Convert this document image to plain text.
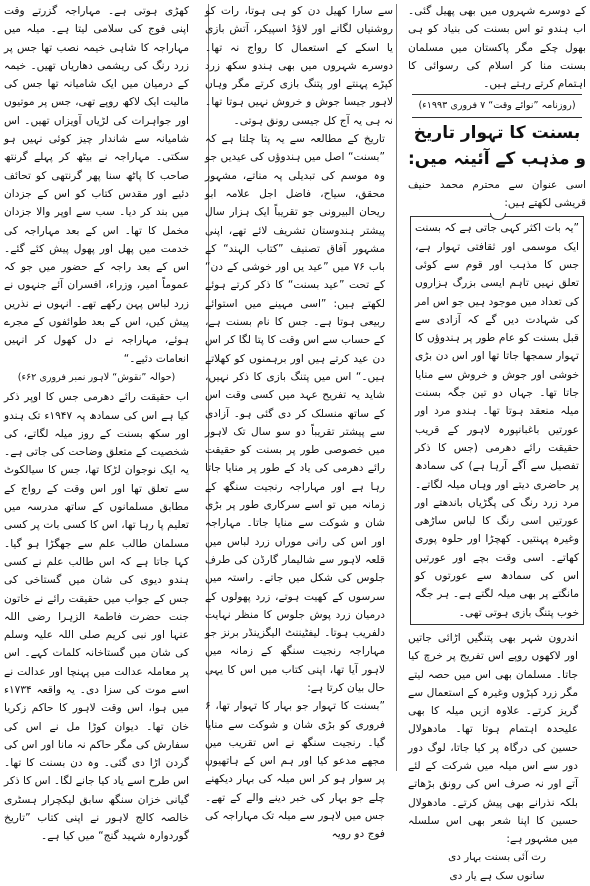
کے دوسرے شہروں میں بھی پھیل گئی۔ اب ہندو تو اس بسنت کی بنیاد کو ہی بھول چکے مگر پاکستان میں مسلمان بسنت منا کر اسلام کی رسوائی کا اہتمام کرتے رہتے ہیں۔

(روزنامہ ”نوائے وقت“ ۷ فروری ۱۹۹۳ء)
بسنت کا تہوار تاریخ و مذہب کے آئینہ میں:

اسی عنوان سے محترم محمد حنیف قریشی لکھتے ہیں:

”یہ بات اکثر کہی جاتی ہے کہ بسنت ایک موسمی اور ثقافتی تہوار ہے، جس کا مذہب اور قوم سے کوئی تعلق نہیں تاہم ایسی بزرگ ہزاروں کی تعداد میں موجود ہیں جو اس امر کی شہادت دیں گے کہ آزادی سے قبل بسنت کو عام طور پر ہندوؤں کا تہوار سمجھا جاتا تھا اور اس دن بڑی خوشی اور جوش و خروش سے منایا جاتا تھا۔ جہاں دو تین جگہ بسنت میلہ منعقد ہوتا تھا۔ ہندو مرد اور عورتیں باغبانپورہ لاہور کے قریب حقیقت رائے دھرمی (جس کا ذکر تفصیل سے آگے آرہا ہے) کی سمادھ پر حاضری دیتے اور وہاں میلہ لگاتے۔ مرد زرد رنگ کی پگڑیاں باندھتے اور عورتیں اسی رنگ کا لباس ساڑھی وغیرہ پہنتیں۔ کھچڑا اور حلوہ پوری کھاتے۔ اسی وقت بچے اور عورتیں اس کی سمادھ سے عورتوں کو مانگتے پر بھی میلہ لگتے ہے۔ ہر جگہ خوب پتنگ بازی ہوتی تھی۔

اندرون شہر بھی پتنگیں اڑائی جاتیں اور لاکھوں روپے اس تفریح پر خرچ کیا جاتا۔ مسلمان بھی اس میں حصہ لیتے مگر زرد کپڑوں وغیرہ کے استعمال سے گریز کرتے۔ علاوہ ازیں میلہ کا بھی علیحدہ اہتمام ہوتا تھا۔ مادھولال حسین کی درگاہ پر کیا جاتا، لوگ دور دور سے اس میلہ میں شرکت کے لئے آتے اور نہ صرف اس کی رونق بڑھاتے بلکہ نذرانے بھی پیش کرتے۔ مادھولال حسین کا اپنا شعر بھی اس سلسلہ میں مشہور ہے:

رت آئی بسنت بہار دی
سانوں سک ہے یار دی

سے سارا کھیل دن کو ہی ہوتا، رات کو روشنیاں لگانے اور لاؤڈ اسپیکر، آتش بازی یا اسکے کے استعمال کا رواج نہ تھا۔ دوسرے شہروں میں بھی ہندو سکھ زرد کپڑے پہنتے اور پتنگ بازی کرتے مگر وہاں لاہور جیسا جوش و خروش نہیں ہوتا تھا۔ نہ ہی یہ آج کل جیسی رونق ہوتی۔

تاریخ کے مطالعہ سے یہ پتا چلتا ہے کہ ”بسنت“ اصل میں ہندوؤں کی عیدیں جو وہ موسم کی تبدیلی پہ مناتے، مشہور محقق، سیاح، فاضل اجل علامہ ابو ریحان البیرونی جو تقریباً ایک ہزار سال پیشتر ہندوستان تشریف لائے تھے، اپنی مشہور آفاق تصنیف ”کتاب الہند“ کے باب ۷۶ میں ”عید یں اور خوشی کے دن“ کے تحت ”عید بسنت“ کا ذکر کرتے ہوئے لکھتے ہیں: ”اسی مہینے میں استوائے ربیعی ہوتا ہے۔ جس کا نام بسنت ہے، کے حساب سے اس وقت کا پتا لگا کر اس دن عید کرتے ہیں اور برہمنوں کو کھلاتے ہیں۔“ اس میں پتنگ بازی کا ذکر نہیں، شاید یہ تفریح عہد میں کسی وقت اس کے ساتھ منسلک کر دی گئی ہو۔ آزادی سے پیشتر تقریباً دو سو سال تک لاہور میں خصوصی طور پر بسنت کو حقیقت رائے دھرمی کی یاد کے طور پر منایا جاتا رہا ہے اور مہاراجہ رنجیت سنگھ کے زمانہ میں تو اسے سرکاری طور پر بڑی شان و شوکت سے منایا جاتا۔ مہاراجہ اور اس کی رانی موراں زرد لباس میں قلعہ لاہور سے شالیمار گارڈن کی طرف جلوس کی شکل میں جاتے۔ راستہ میں سرسوں کے کھیت ہوتے، زرد پھولوں کے درمیان زرد پوش جلوس کا منظر نہایت دلفریب ہوتا۔ لیفٹیننٹ الیگزینڈر برنز جو مہاراجہ رنجیت سنگھ کے زمانہ میں لاہور آیا تھا، اپنی کتاب میں اس کا یہی حال بیان کرتا ہے:

”بسنت کا تہوار جو بہار کا تہوار تھا، ۶ فروری کو بڑی شان و شوکت سے منایا گیا۔ رنجیت سنگھ نے اس تقریب میں مجھے مدعو کیا اور ہم اس کے ہاتھیوں پر سوار ہو کر اس میلہ کی بہار دیکھنے چلے جو بہار کی خبر دینے والے کے تھے۔ جس میں لاہور سے میلہ تک مہاراجہ کی فوج دو رویہ

کھڑی ہوتی ہے۔ مہاراجہ گزرتے وقت اپنی فوج کی سلامی لیتا ہے۔ میلہ میں مہاراجہ کا شاہی خیمہ نصب تھا جس پر زرد رنگ کی ریشمی دھاریاں تھیں۔ خیمہ کے درمیان میں ایک شامیانہ تھا جس کی مالیت ایک لاکھ روپے تھی، جس پر موتیوں اور جواہرات کی لڑیاں آویزاں تھیں۔ اس شامیانہ سے شاندار چیز کوئی نہیں ہو سکتی۔ مہاراجہ نے بیٹھ کر پہلے گرنتھ صاحب کا پاٹھ سنا پھر گرنتھی کو تحائف دئیے اور مقدس کتاب کو اس کے جزدان میں بند کر دیا۔ سب سے اوپر والا جزدان مخمل کا تھا۔ اس کے بعد مہاراجہ کی خدمت میں پھل اور پھول پیش کئے گئے۔ اس کے بعد راجہ کے حضور میں جو کہ عموماً امیر، وزراء، افسران آئے جنہوں نے زرد لباس پہن رکھے تھے۔ انہوں نے نذریں پیش کیں، اس کے بعد طوائفوں کے مجرے ہوئے، مہاراجہ نے دل کھول کر انہیں انعامات دئیے۔“

(حوالہ ”نقوش“ لاہور نمبر فروری ۶۲ء)

اب حقیقت رائے دھرمی جس کا اوپر ذکر کیا ہے اس کی سمادھ پہ ۱۹۴۷ء تک ہندو اور سکھ بسنت کے روز میلہ لگاتے، کی شخصیت کے متعلق وضاحت کی جاتی ہے۔ یہ ایک نوجوان لڑکا تھا، جس کا سیالکوٹ سے تعلق تھا اور اس وقت کے رواج کے مطابق مسلمانوں کے ساتھ مدرسہ میں تعلیم پا رہا تھا، اس کا کسی بات پر کسی مسلمان طالب علم سے جھگڑا ہو گیا۔ کہا جاتا ہے کہ اس طالب علم نے کسی ہندو دیوی کی شان میں گستاخی کی جس کے جواب میں حقیقت رائے نے خاتون جنت حضرت فاطمۃ الزہرا رضی اللہ عنہا اور نبی کریم صلی اللہ علیہ وسلم کی شان میں گستاخانہ کلمات کہے۔ اس پر معاملہ عدالت میں پہنچا اور عدالت نے اسے موت کی سزا دی۔ یہ واقعہ ۱۷۳۴ء میں ہوا، اس وقت لاہور کا حاکم زکریا خان تھا۔ دیوان کوڑا مل نے اس کی سفارش کی مگر حاکم نہ مانا اور اس کی گردن اڑا دی گئی۔ وہ دن بسنت کا تھا۔ اس طرح اسے یاد کیا جانے لگا۔ اس کا ذکر گیانی خزان سنگھ سابق لیکچرار ہسٹری خالصہ کالج لاہور نے اپنی کتاب ”تاریخ گوردوارہ شہید گنج“ میں کیا ہے۔
